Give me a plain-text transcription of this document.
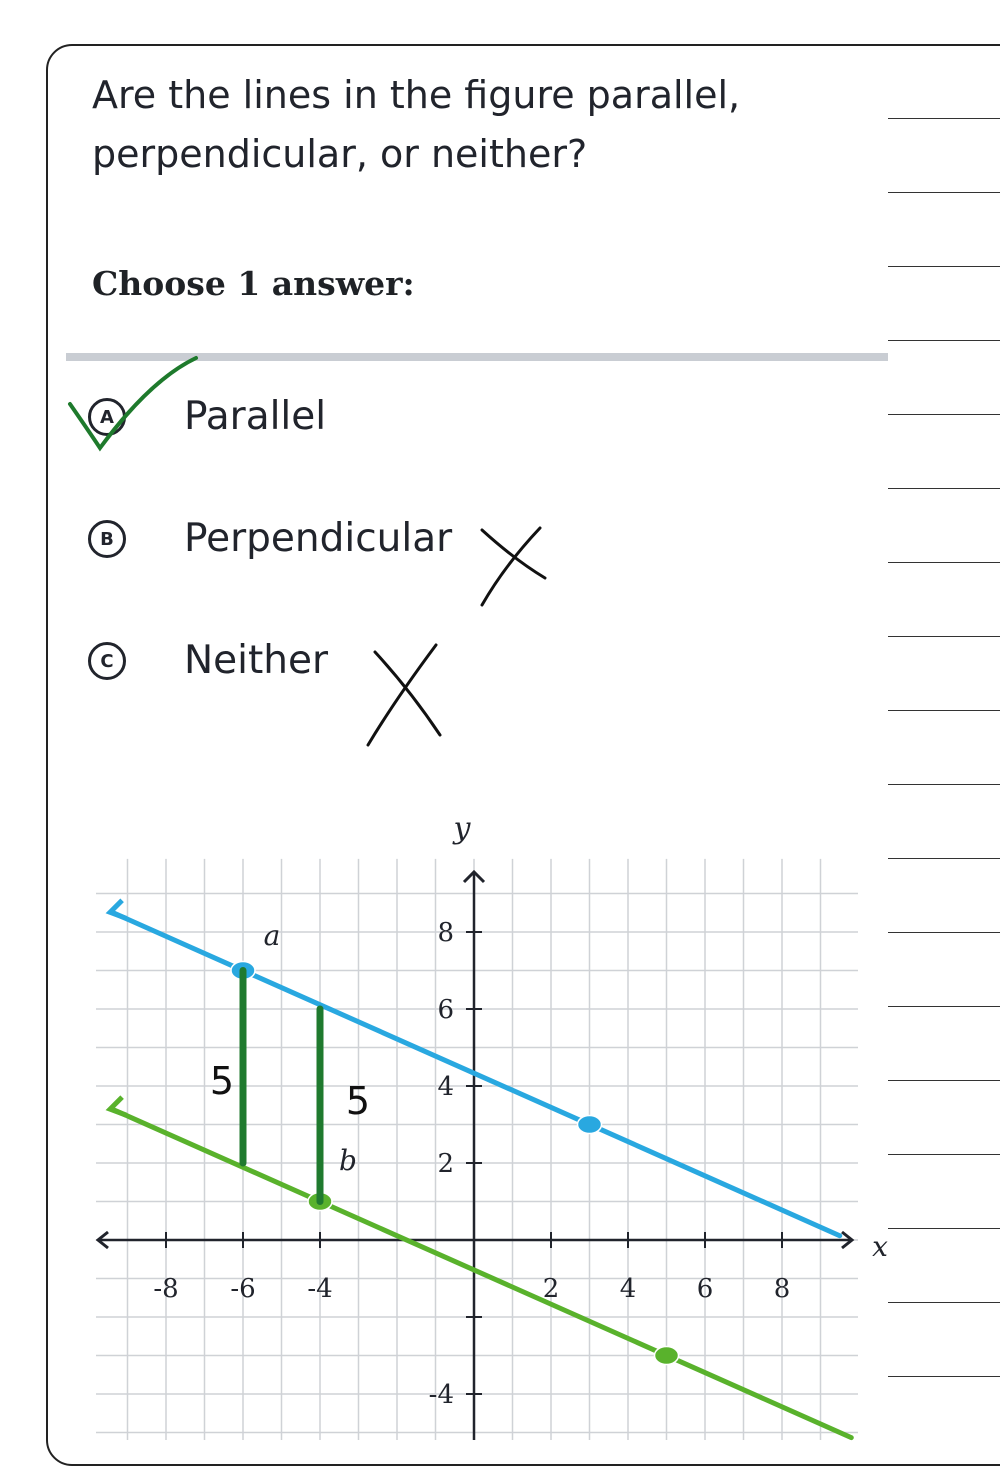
Are the lines in the figure parallel,
perpendicular, or neither?
Choose 1 answer:
A	Parallel
B	Perpendicular
C	Neither
-8 -6 -4	2 4 6 8
8
6
4
2
-4
a
b
x
y
5	5
